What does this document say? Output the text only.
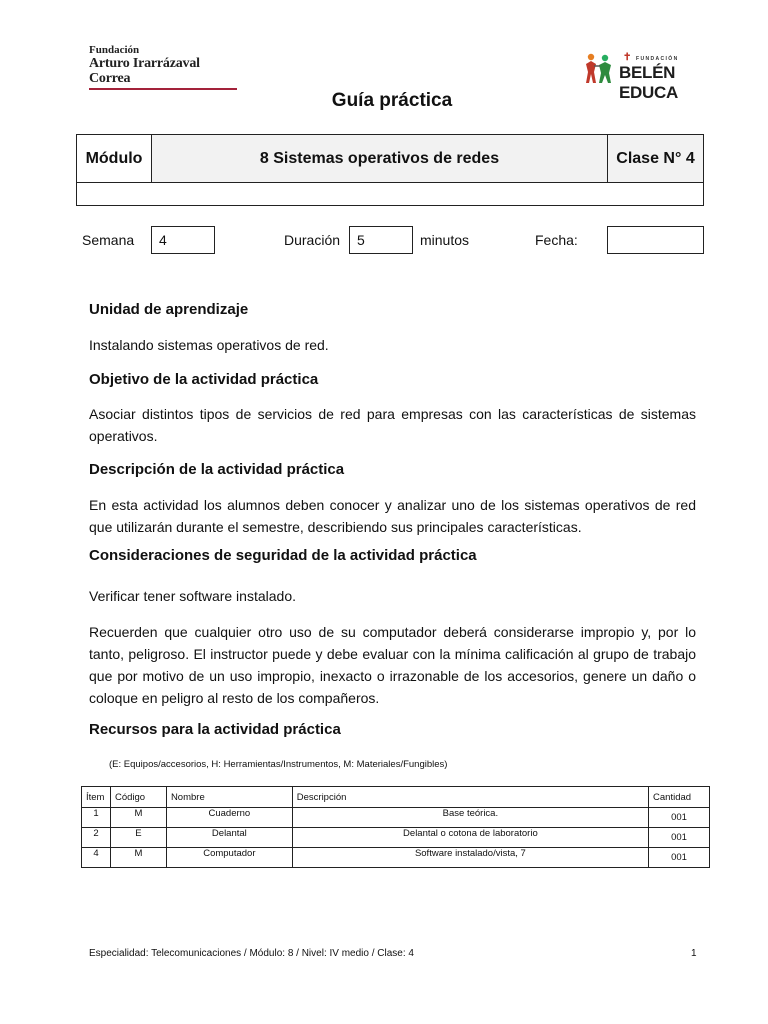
Fundación
Arturo Irarrázaval Correa
✝ FUNDACIÓN
BELÉN EDUCA
Guía práctica
Módulo	8 Sistemas operativos de redes	Clase N° 4
Semana	4	Duración	5	minutos	Fecha:
Unidad de aprendizaje
Instalando sistemas operativos de red.
Objetivo de la actividad práctica
Asociar distintos tipos de servicios de red para empresas con las características de sistemas operativos.
Descripción de la actividad práctica
En esta actividad los alumnos deben conocer y analizar uno de los sistemas operativos de red que utilizarán durante el semestre, describiendo sus principales características.
Consideraciones de seguridad de la actividad práctica
Verificar tener software instalado.
Recuerden que cualquier otro uso de su computador deberá considerarse impropio y, por lo tanto, peligroso. El instructor puede y debe evaluar con la mínima calificación al grupo de trabajo que por motivo de un uso impropio, inexacto o irrazonable de los accesorios, genere un daño o coloque en peligro al resto de los compañeros.
Recursos para la actividad práctica
(E: Equipos/accesorios, H: Herramientas/Instrumentos, M: Materiales/Fungibles)
Ítem	Código	Nombre	Descripción	Cantidad
1	M	Cuaderno	Base teórica.	001
2	E	Delantal	Delantal o cotona de laboratorio	001
4	M	Computador	Software instalado/vista, 7	001
Especialidad: Telecomunicaciones / Módulo: 8 / Nivel: IV medio / Clase: 4	1
